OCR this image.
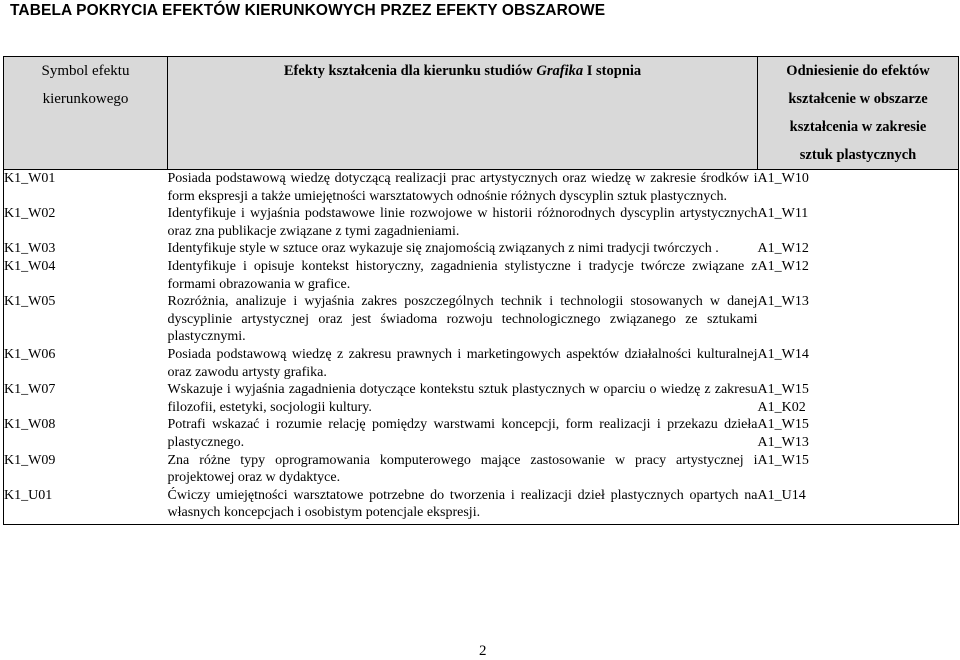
TABELA POKRYCIA EFEKTÓW KIERUNKOWYCH PRZEZ EFEKTY OBSZAROWE
Symbol efektu kierunkowego	Efekty kształcenia dla kierunku studiów Grafika I stopnia	Odniesienie do efektów
kształcenie w obszarze
kształcenia w zakresie
sztuk plastycznych

K1_W01	Posiada podstawową wiedzę dotyczącą realizacji prac artystycznych oraz wiedzę w zakresie środków i form ekspresji a także umiejętności warsztatowych odnośnie różnych dyscyplin sztuk plastycznych.	A1_W10

K1_W02	Identyfikuje i wyjaśnia podstawowe linie rozwojowe w historii różnorodnych dyscyplin artystycznych oraz zna publikacje związane z tymi zagadnieniami.	A1_W11

K1_W03	Identyfikuje style w sztuce oraz wykazuje się znajomością związanych z nimi tradycji twórczych .	A1_W12

K1_W04	Identyfikuje i opisuje kontekst historyczny, zagadnienia stylistyczne i tradycje twórcze związane z formami obrazowania w grafice.	A1_W12

K1_W05	Rozróżnia, analizuje i wyjaśnia zakres poszczególnych technik i technologii stosowanych w danej dyscyplinie artystycznej oraz jest świadoma rozwoju technologicznego związanego ze sztukami plastycznymi.	A1_W13

K1_W06	Posiada podstawową wiedzę z zakresu prawnych i marketingowych aspektów działalności kulturalnej oraz zawodu artysty grafika.	A1_W14

K1_W07	Wskazuje i wyjaśnia zagadnienia dotyczące kontekstu sztuk plastycznych w oparciu o wiedzę z zakresu filozofii, estetyki, socjologii kultury.	A1_W15
A1_K02

K1_W08	Potrafi wskazać i rozumie relację pomiędzy warstwami koncepcji, form realizacji i przekazu dzieła plastycznego.	A1_W15
A1_W13

K1_W09	Zna różne typy oprogramowania komputerowego mające zastosowanie w pracy artystycznej i projektowej oraz w dydaktyce.	A1_W15

K1_U01	Ćwiczy umiejętności warsztatowe potrzebne do tworzenia i realizacji dzieł plastycznych opartych na własnych koncepcjach i osobistym potencjale ekspresji.	A1_U14
2
